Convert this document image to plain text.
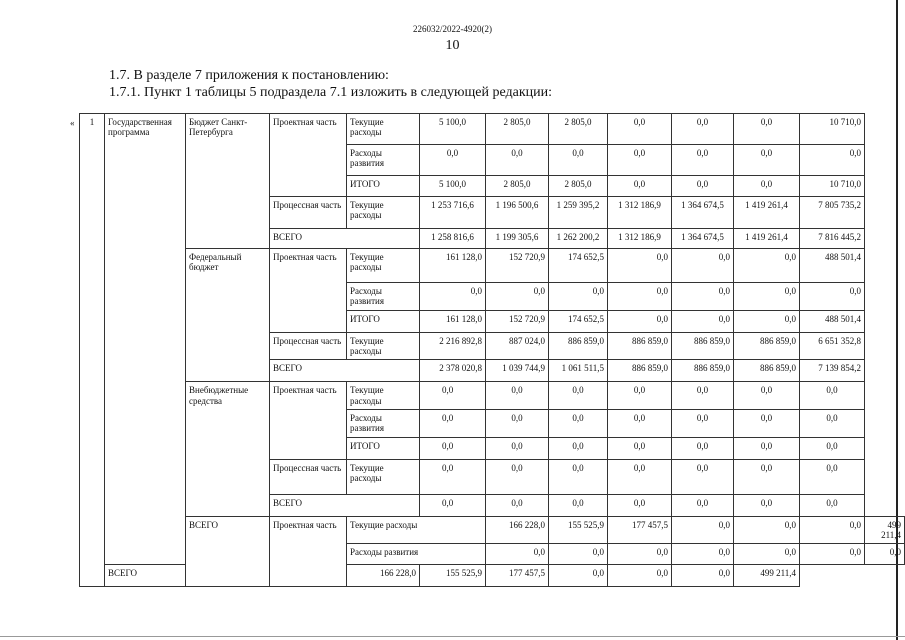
226032/2022-4920(2)
10
1.7. В разделе 7 приложения к постановлению:
1.7.1. Пункт 1 таблицы 5 подраздела 7.1 изложить в следующей редакции:
« 1	Государственная программа	Бюджет Санкт-Петербурга	Проектная часть	Текущие расходы	5 100,0	2 805,0	2 805,0	0,0	0,0	0,0	10 710,0	
				Расходы развития	0,0	0,0	0,0	0,0	0,0	0,0	0,0	
				ИТОГО	5 100,0	2 805,0	2 805,0	0,0	0,0	0,0	10 710,0	
			Процессная часть	Текущие расходы	1 253 716,6	1 196 500,6	1 259 395,2	1 312 186,9	1 364 674,5	1 419 261,4	7 805 735,2	
			ВСЕГО		1 258 816,6	1 199 305,6	1 262 200,2	1 312 186,9	1 364 674,5	1 419 261,4	7 816 445,2	
		Федеральный бюджет	Проектная часть	Текущие расходы	161 128,0	152 720,9	174 652,5	0,0	0,0	0,0	488 501,4	
				Расходы развития	0,0	0,0	0,0	0,0	0,0	0,0	0,0	
				ИТОГО	161 128,0	152 720,9	174 652,5	0,0	0,0	0,0	488 501,4	
			Процессная часть	Текущие расходы	2 216 892,8	887 024,0	886 859,0	886 859,0	886 859,0	886 859,0	6 651 352,8	
			ВСЕГО		2 378 020,8	1 039 744,9	1 061 511,5	886 859,0	886 859,0	886 859,0	7 139 854,2	
		Внебюджетные средства	Проектная часть	Текущие расходы	0,0	0,0	0,0	0,0	0,0	0,0	0,0	
				Расходы развития	0,0	0,0	0,0	0,0	0,0	0,0	0,0	
				ИТОГО	0,0	0,0	0,0	0,0	0,0	0,0	0,0	
			Процессная часть	Текущие расходы	0,0	0,0	0,0	0,0	0,0	0,0	0,0	
			ВСЕГО		0,0	0,0	0,0	0,0	0,0	0,0	0,0	
		ВСЕГО	Проектная часть	Текущие расходы		166 228,0	155 525,9	177 457,5	0,0	0,0	0,0	499 211,4
				Расходы развития		0,0	0,0	0,0	0,0	0,0	0,0	0,0
	ВСЕГО			166 228,0	155 525,9	177 457,5	0,0	0,0	0,0	499 211,4		
